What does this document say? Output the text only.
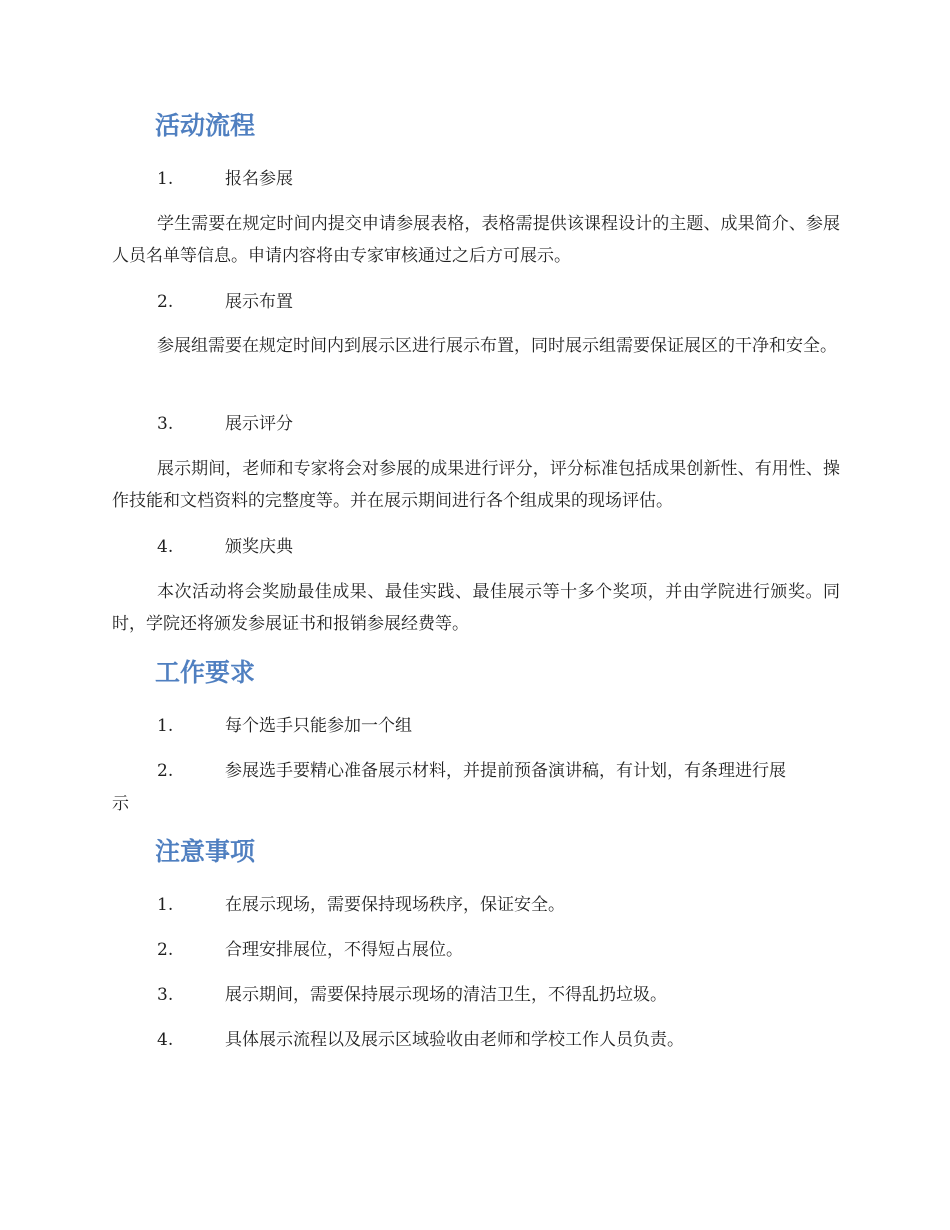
活动流程
1.	报名参展

学生需要在规定时间内提交申请参展表格，表格需提供该课程设计的主题、成果简介、参展人员名单等信息。申请内容将由专家审核通过之后方可展示。

2.	展示布置

参展组需要在规定时间内到展示区进行展示布置，同时展示组需要保证展区的干净和安全。

3.	展示评分

展示期间，老师和专家将会对参展的成果进行评分，评分标准包括成果创新性、有用性、操作技能和文档资料的完整度等。并在展示期间进行各个组成果的现场评估。

4.	颁奖庆典

本次活动将会奖励最佳成果、最佳实践、最佳展示等十多个奖项，并由学院进行颁奖。同时，学院还将颁发参展证书和报销参展经费等。

工作要求
1.	每个选手只能参加一个组
2.	参展选手要精心准备展示材料，并提前预备演讲稿，有计划，有条理进行展
示
注意事项
1.	在展示现场，需要保持现场秩序，保证安全。
2.	合理安排展位，不得短占展位。
3.	展示期间，需要保持展示现场的清洁卫生，不得乱扔垃圾。
4.	具体展示流程以及展示区域验收由老师和学校工作人员负责。
